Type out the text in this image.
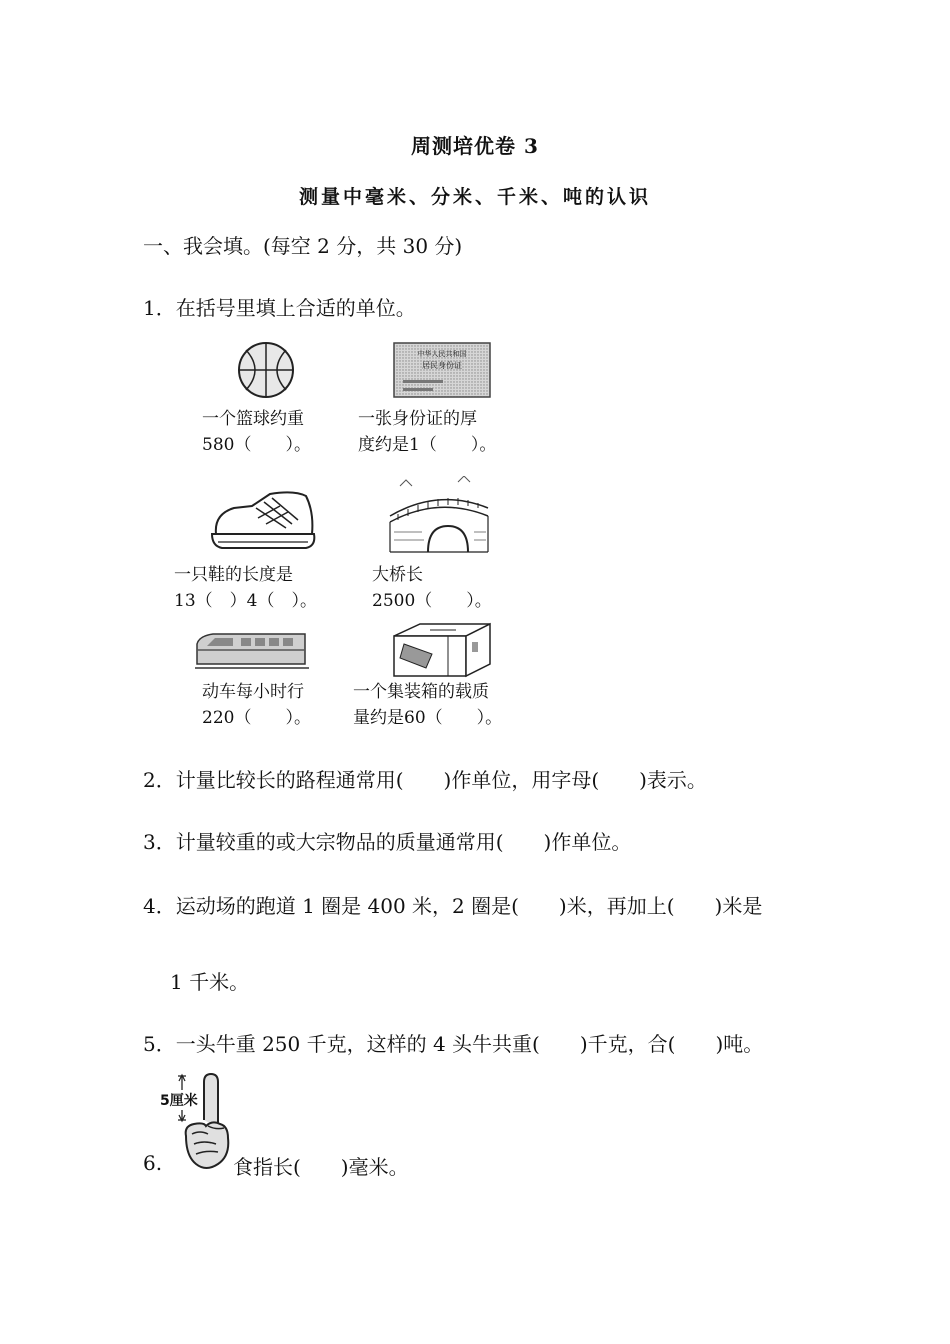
周测培优卷 3
测量中毫米、分米、千米、吨的认识
一、我会填。(每空 2 分，共 30 分)
1．在括号里填上合适的单位。
中华人民共和国
居民身份证
一个篮球约重
580（　　）。
一张身份证的厚
度约是1（　　）。
一只鞋的长度是
13（　）4（　）。
大桥长
2500（　　）。
动车每小时行
220（　　）。
一个集装箱的载质
量约是60（　　）。
2．计量比较长的路程通常用(　　)作单位，用字母(　　)表示。
3．计量较重的或大宗物品的质量通常用(　　)作单位。
4．运动场的跑道 1 圈是 400 米，2 圈是(　　)米，再加上(　　)米是
1 千米。
5．一头牛重 250 千克，这样的 4 头牛共重(　　)千克，合(　　)吨。
5厘米
6.	食指长(　　)毫米。
